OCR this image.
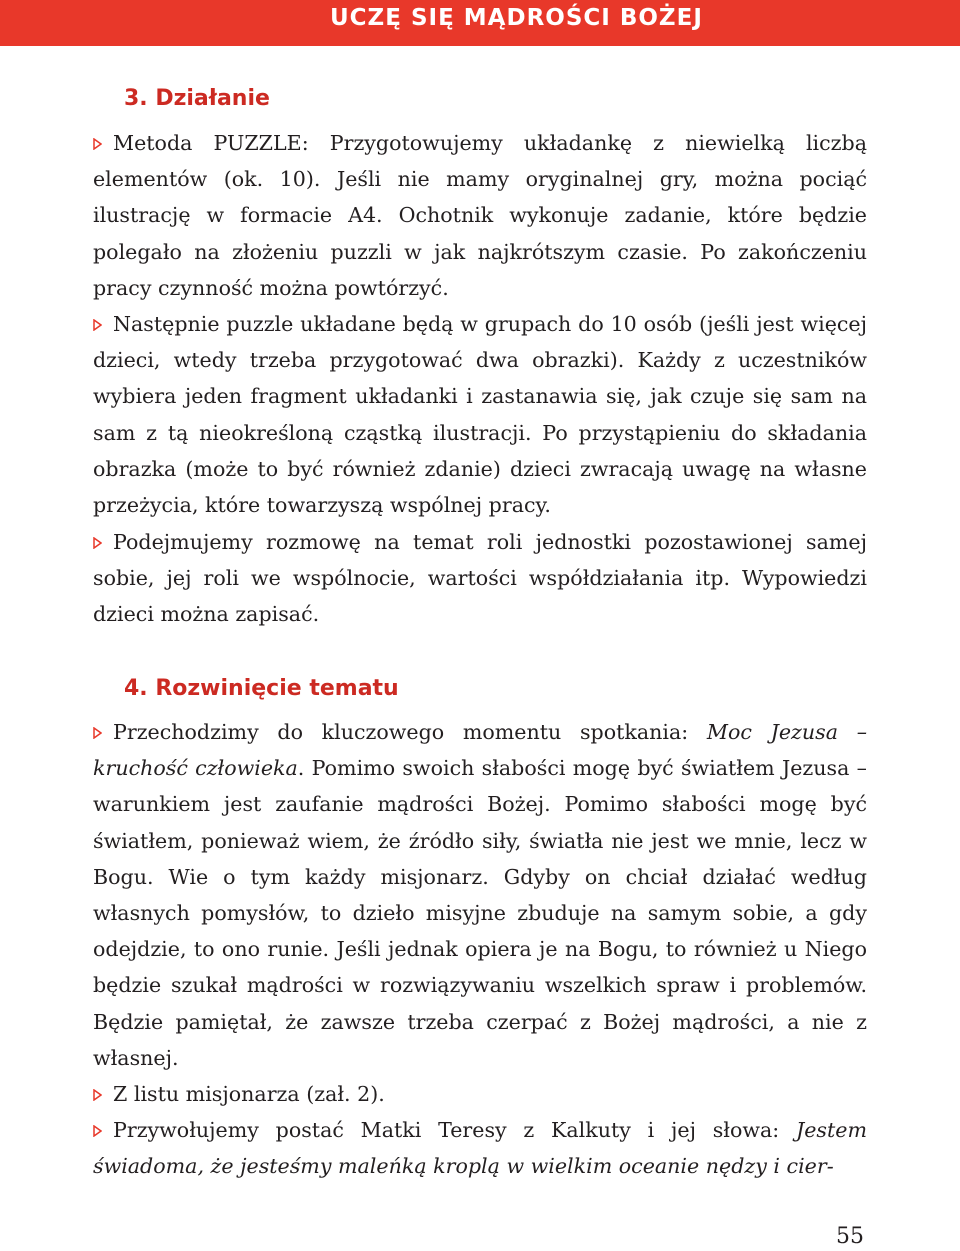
UCZĘ SIĘ MĄDROŚCI BOŻEJ
3. Działanie

Metoda PUZZLE: Przygotowujemy układankę z niewielką liczbą elementów (ok. 10). Jeśli nie mamy oryginalnej gry, można pociąć ilustrację w formacie A4. Ochotnik wykonuje zadanie, które będzie polegało na złożeniu puzzli w jak najkrótszym czasie. Po zakończeniu pracy czynność można powtórzyć.

Następnie puzzle układane będą w grupach do 10 osób (jeśli jest więcej dzieci, wtedy trzeba przygotować dwa obrazki). Każdy z uczestników wybiera jeden fragment układanki i zastanawia się, jak czuje się sam na sam z tą nieokreśloną cząstką ilustracji. Po przystąpieniu do składania obrazka (może to być również zdanie) dzieci zwracają uwagę na własne przeżycia, które towarzyszą wspólnej pracy.

Podejmujemy rozmowę na temat roli jednostki pozostawionej samej sobie, jej roli we wspólnocie, wartości współdziałania itp. Wypowiedzi dzieci można zapisać.

4. Rozwinięcie tematu

Przechodzimy do kluczowego momentu spotkania: Moc Jezusa – kruchość człowieka. Pomimo swoich słabości mogę być światłem Jezusa – warunkiem jest zaufanie mądrości Bożej. Pomimo słabości mogę być światłem, ponieważ wiem, że źródło siły, światła nie jest we mnie, lecz w Bogu. Wie o tym każdy misjonarz. Gdyby on chciał działać według własnych pomysłów, to dzieło misyjne zbuduje na samym sobie, a gdy odejdzie, to ono runie. Jeśli jednak opiera je na Bogu, to również u Niego będzie szukał mądrości w rozwiązywaniu wszelkich spraw i problemów. Będzie pamiętał, że zawsze trzeba czerpać z Bożej mądrości, a nie z własnej.

Z listu misjonarza (zał. 2).

Przywołujemy postać Matki Teresy z Kalkuty i jej słowa: Jestem świadoma, że jesteśmy maleńką kroplą w wielkim oceanie nędzy i cier-

55
